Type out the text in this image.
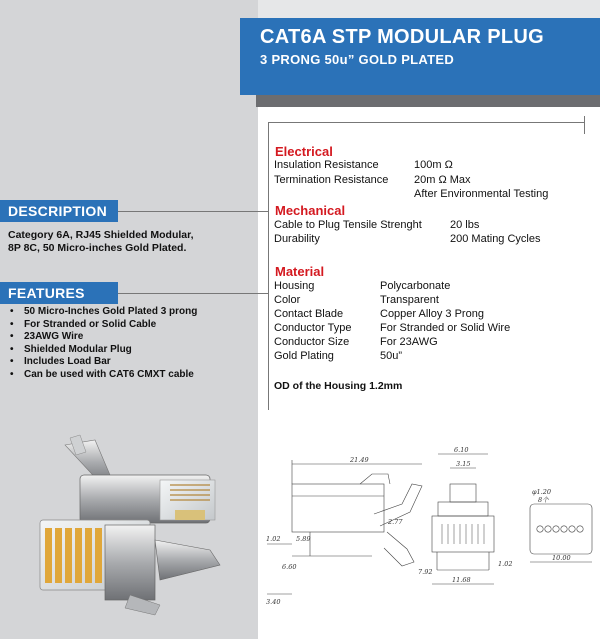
CAT6A STP MODULAR PLUG
3 PRONG 50u” GOLD PLATED
DESCRIPTION
Category 6A, RJ45 Shielded Modular,
8P 8C, 50 Micro-inches Gold Plated.
FEATURES
• 50 Micro-Inches Gold Plated 3 prong
• For Stranded or Solid Cable
• 23AWG Wire
• Shielded Modular Plug
• Includes Load Bar
• Can be used with CAT6 CMXT cable
Electrical
Insulation Resistance	100m Ω
Termination Resistance 20m Ω Max
After Environmental Testing
Mechanical
Cable to Plug Tensile Strenght	20 lbs
Durability	200 Mating Cycles
Material
Housing	Polycarbonate
Color	Transparent
Contact Blade	Copper Alloy 3 Prong
Conductor Type	For Stranded or Solid Wire
Conductor Size	For 23AWG
Gold Plating	50u”
OD of the Housing 1.2mm
21.49
6.10
3.15
1.02 5.89
2.77
7.92
6.60
3.40
11.68
φ1.20
8个
10.00
1.02
